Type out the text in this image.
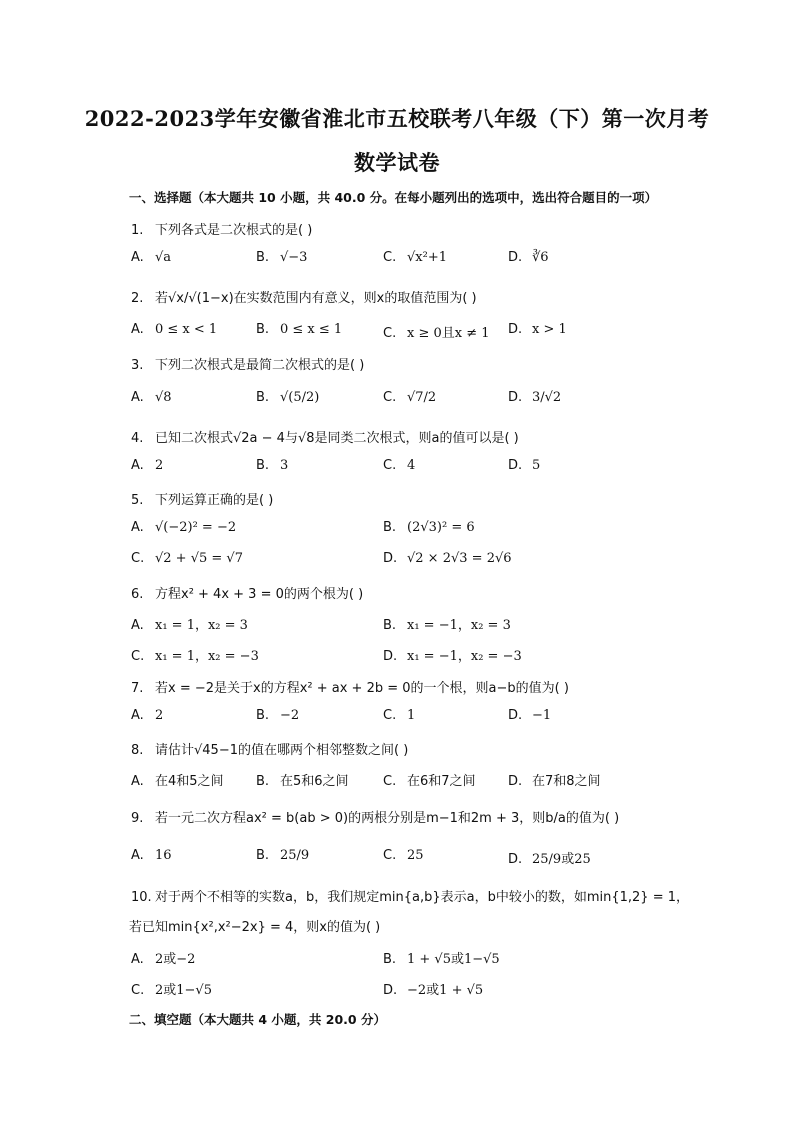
2022-2023学年安徽省淮北市五校联考八年级（下）第一次月考
数学试卷
一、选择题（本大题共 10 小题，共 40.0 分。在每小题列出的选项中，选出符合题目的一项）
1. 下列各式是二次根式的是( )
A. √a	B. √−3	C. √x²+1	D. ∛6
2. 若√x/√(1−x)在实数范围内有意义，则x的取值范围为( )
A. 0 ≤ x < 1	B. 0 ≤ x ≤ 1	C. x ≥ 0且x ≠ 1 D. x > 1
3. 下列二次根式是最简二次根式的是( )
A. √8	B. √(5/2)	C. √7/2	D. 3/√2
4. 已知二次根式√2a − 4与√8是同类二次根式，则a的值可以是( )
A. 2	B. 3	C. 4	D. 5
5. 下列运算正确的是( )
A. √(−2)² = −2	B. (2√3)² = 6
C. √2 + √5 = √7	D. √2 × 2√3 = 2√6
6. 方程x² + 4x + 3 = 0的两个根为( )
A. x₁ = 1，x₂ = 3	B. x₁ = −1，x₂ = 3
C. x₁ = 1，x₂ = −3	D. x₁ = −1，x₂ = −3
7. 若x = −2是关于x的方程x² + ax + 2b = 0的一个根，则a−b的值为( )
A. 2	B. −2	C. 1	D. −1
8. 请估计√45−1的值在哪两个相邻整数之间( )
A. 在4和5之间 B. 在5和6之间	C. 在6和7之间 D. 在7和8之间
9. 若一元二次方程ax² = b(ab > 0)的两根分别是m−1和2m + 3，则b/a的值为( )
A. 16	B. 25/9	C. 25	D. 25/9或25
10. 对于两个不相等的实数a，b，我们规定min{a,b}表示a，b中较小的数，如min{1,2} = 1，
若已知min{x²,x²−2x} = 4，则x的值为( )
A. 2或−2	B. 1 + √5或1−√5
C. 2或1−√5	D. −2或1 + √5
二、填空题（本大题共 4 小题，共 20.0 分）
